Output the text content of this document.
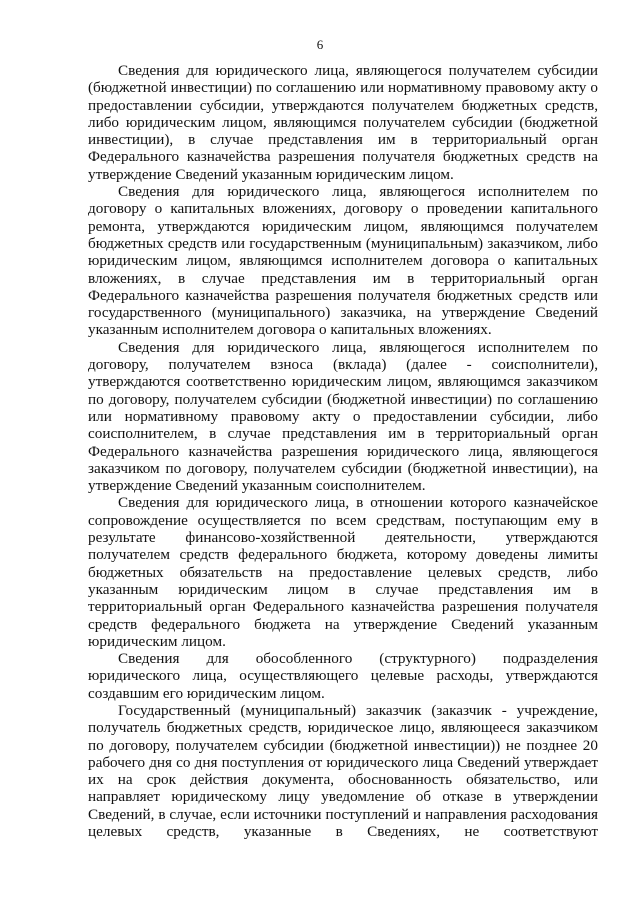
6

Сведения для юридического лица, являющегося получателем субсидии (бюджетной инвестиции) по соглашению или нормативному правовому акту о предоставлении субсидии, утверждаются получателем бюджетных средств, либо юридическим лицом, являющимся получателем субсидии (бюджетной инвестиции), в случае представления им в территориальный орган Федерального казначейства разрешения получателя бюджетных средств на утверждение Сведений указанным юридическим лицом.

Сведения для юридического лица, являющегося исполнителем по договору о капитальных вложениях, договору о проведении капитального ремонта, утверждаются юридическим лицом, являющимся получателем бюджетных средств или государственным (муниципальным) заказчиком, либо юридическим лицом, являющимся исполнителем договора о капитальных вложениях, в случае представления им в территориальный орган Федерального казначейства разрешения получателя бюджетных средств или государственного (муниципального) заказчика, на утверждение Сведений указанным исполнителем договора о капитальных вложениях.

Сведения для юридического лица, являющегося исполнителем по договору, получателем взноса (вклада) (далее - соисполнители), утверждаются соответственно юридическим лицом, являющимся заказчиком по договору, получателем субсидии (бюджетной инвестиции) по соглашению или нормативному правовому акту о предоставлении субсидии, либо соисполнителем, в случае представления им в территориальный орган Федерального казначейства разрешения юридического лица, являющегося заказчиком по договору, получателем субсидии (бюджетной инвестиции), на утверждение Сведений указанным соисполнителем.

Сведения для юридического лица, в отношении которого казначейское сопровождение осуществляется по всем средствам, поступающим ему в результате финансово-хозяйственной деятельности, утверждаются получателем средств федерального бюджета, которому доведены лимиты бюджетных обязательств на предоставление целевых средств, либо указанным юридическим лицом в случае представления им в территориальный орган Федерального казначейства разрешения получателя средств федерального бюджета на утверждение Сведений указанным юридическим лицом.

Сведения для обособленного (структурного) подразделения юридического лица, осуществляющего целевые расходы, утверждаются создавшим его юридическим лицом.

Государственный (муниципальный) заказчик (заказчик - учреждение, получатель бюджетных средств, юридическое лицо, являющееся заказчиком по договору, получателем субсидии (бюджетной инвестиции)) не позднее 20 рабочего дня со дня поступления от юридического лица Сведений утверждает их на срок действия документа, обоснованность обязательство, или направляет юридическому лицу уведомление об отказе в утверждении Сведений, в случае, если источники поступлений и направления расходования целевых средств, указанные в Сведениях, не соответствуют
